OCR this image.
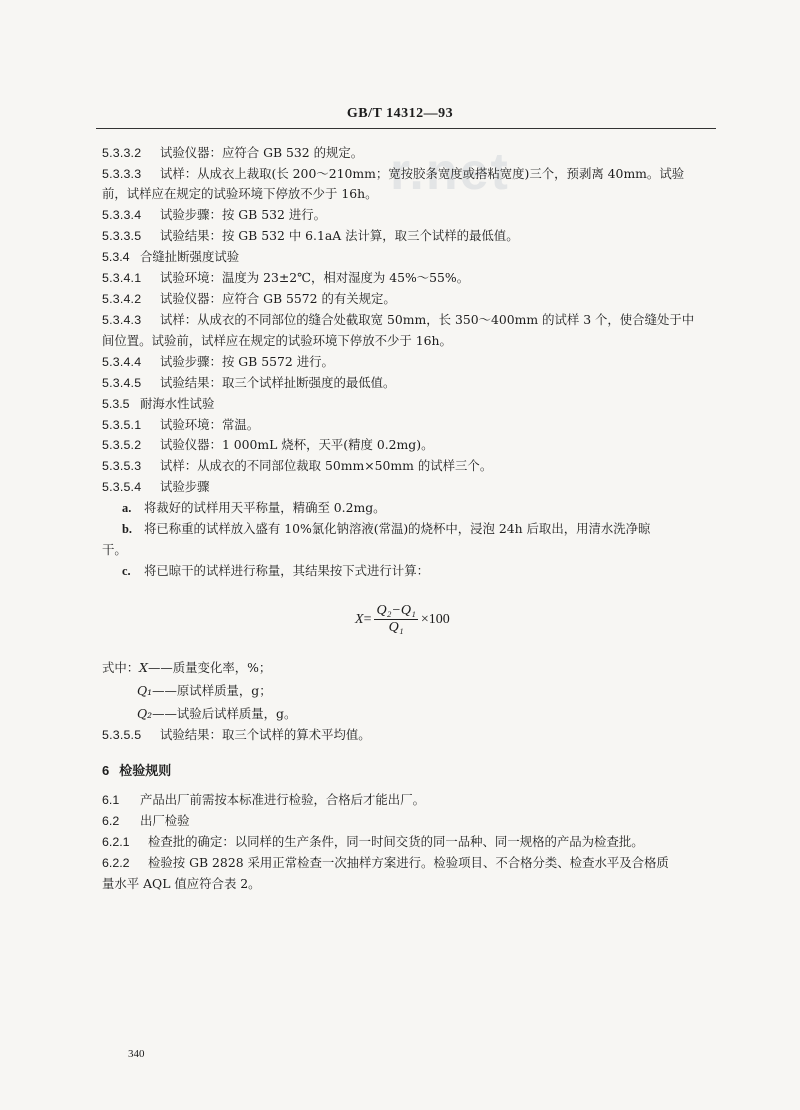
r.net
GB/T 14312—93
5.3.3.2 试验仪器：应符合 GB 532 的规定。
5.3.3.3 试样：从成衣上裁取(长 200～210mm；宽按胶条宽度或搭粘宽度)三个，预剥离 40mm。试验
前，试样应在规定的试验环境下停放不少于 16h。
5.3.3.4 试验步骤：按 GB 532 进行。
5.3.3.5 试验结果：按 GB 532 中 6.1aA 法计算，取三个试样的最低值。
5.3.4 合缝扯断强度试验
5.3.4.1 试验环境：温度为 23±2℃，相对湿度为 45%～55%。
5.3.4.2 试验仪器：应符合 GB 5572 的有关规定。
5.3.4.3 试样：从成衣的不同部位的缝合处截取宽 50mm，长 350～400mm 的试样 3 个，使合缝处于中
间位置。试验前，试样应在规定的试验环境下停放不少于 16h。
5.3.4.4 试验步骤：按 GB 5572 进行。
5.3.4.5 试验结果：取三个试样扯断强度的最低值。
5.3.5 耐海水性试验
5.3.5.1 试验环境：常温。
5.3.5.2 试验仪器：1 000mL 烧杯，天平(精度 0.2mg)。
5.3.5.3 试样：从成衣的不同部位裁取 50mm×50mm 的试样三个。
5.3.5.4 试验步骤
a. 将裁好的试样用天平称量，精确至 0.2mg。
b. 将已称重的试样放入盛有 10%氯化钠溶液(常温)的烧杯中，浸泡 24h 后取出，用清水洗净晾
干。
c. 将已晾干的试样进行称量，其结果按下式进行计算：
$X = \frac{\text{Q₂−Q₁}}{\text{Q₁}} \times 100$
式中：X——质量变化率，%；
Q₁——原试样质量，g；
Q₂——试验后试样质量，g。
5.3.5.5 试验结果：取三个试样的算术平均值。
6 检验规则
6.1 产品出厂前需按本标准进行检验，合格后才能出厂。
6.2 出厂检验
6.2.1 检查批的确定：以同样的生产条件，同一时间交货的同一品种、同一规格的产品为检查批。
6.2.2 检验按 GB 2828 采用正常检查一次抽样方案进行。检验项目、不合格分类、检查水平及合格质
量水平 AQL 值应符合表 2。
340
